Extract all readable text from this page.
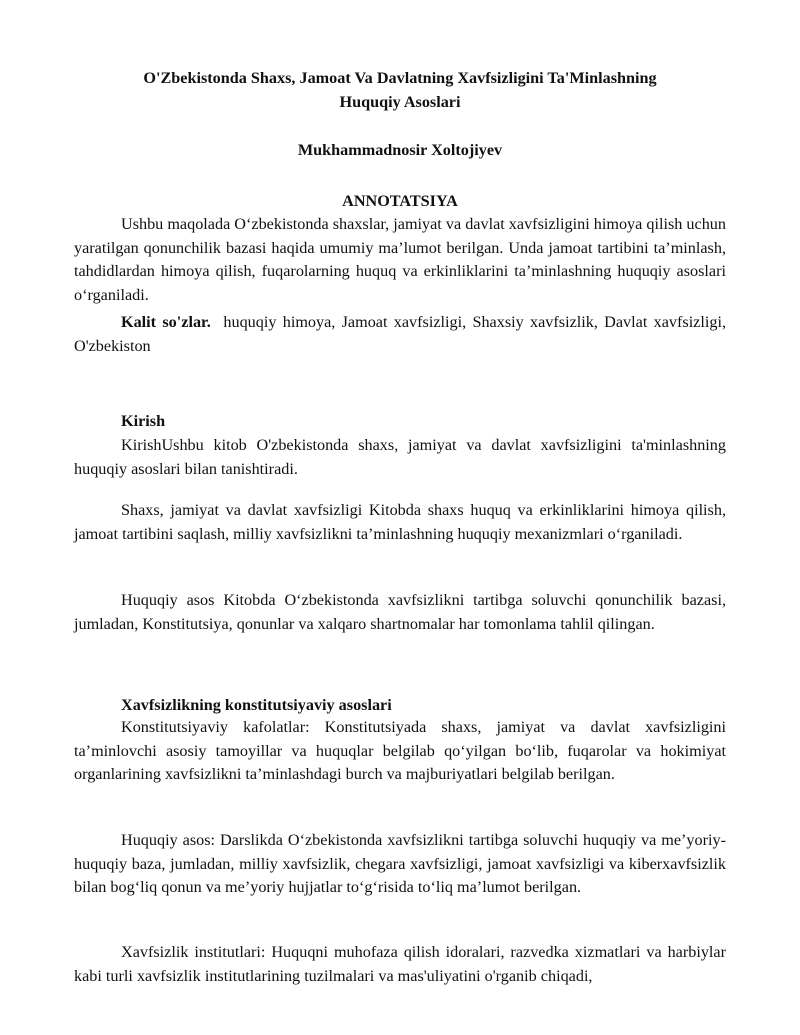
O'Zbekistonda Shaxs, Jamoat Va Davlatning Xavfsizligini Ta'Minlashning
Huquqiy Asoslari
Mukhammadnosir Xoltojiyev
ANNOTATSIYA

Ushbu maqolada O‘zbekistonda shaxslar, jamiyat va davlat xavfsizligini himoya qilish uchun yaratilgan qonunchilik bazasi haqida umumiy ma’lumot berilgan. Unda jamoat tartibini ta’minlash, tahdidlardan himoya qilish, fuqarolarning huquq va erkinliklarini ta’minlashning huquqiy asoslari o‘rganiladi.

Kalit so'zlar. huquqiy himoya, Jamoat xavfsizligi, Shaxsiy xavfsizlik, Davlat xavfsizligi, O'zbekiston

Kirish

KirishUshbu kitob O'zbekistonda shaxs, jamiyat va davlat xavfsizligini ta'minlashning huquqiy asoslari bilan tanishtiradi.

Shaxs, jamiyat va davlat xavfsizligi Kitobda shaxs huquq va erkinliklarini himoya qilish, jamoat tartibini saqlash, milliy xavfsizlikni ta’minlashning huquqiy mexanizmlari o‘rganiladi.

Huquqiy asos Kitobda O‘zbekistonda xavfsizlikni tartibga soluvchi qonunchilik bazasi, jumladan, Konstitutsiya, qonunlar va xalqaro shartnomalar har tomonlama tahlil qilingan.

Xavfsizlikning konstitutsiyaviy asoslari

Konstitutsiyaviy kafolatlar: Konstitutsiyada shaxs, jamiyat va davlat xavfsizligini ta’minlovchi asosiy tamoyillar va huquqlar belgilab qo‘yilgan bo‘lib, fuqarolar va hokimiyat organlarining xavfsizlikni ta’minlashdagi burch va majburiyatlari belgilab berilgan.

Huquqiy asos: Darslikda O‘zbekistonda xavfsizlikni tartibga soluvchi huquqiy va me’yoriy-huquqiy baza, jumladan, milliy xavfsizlik, chegara xavfsizligi, jamoat xavfsizligi va kiberxavfsizlik bilan bog‘liq qonun va me’yoriy hujjatlar to‘g‘risida to‘liq ma’lumot berilgan.

Xavfsizlik institutlari: Huquqni muhofaza qilish idoralari, razvedka xizmatlari va harbiylar kabi turli xavfsizlik institutlarining tuzilmalari va mas'uliyatini o'rganib chiqadi,
